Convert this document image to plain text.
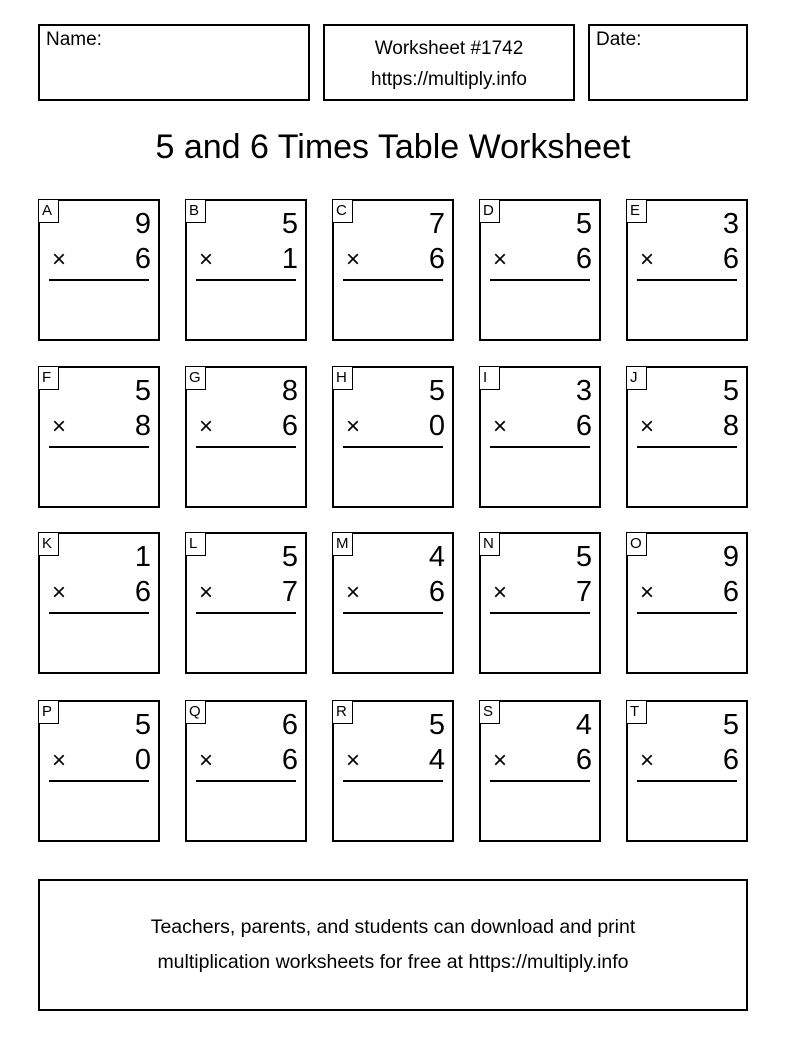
Name:	Worksheet #1742
https://multiply.info
Date:
5 and 6 Times Table Worksheet
A	9
× 6
B	5
× 1
C	7
× 6
D	5
× 6
E	3
× 6
F	5
× 8
G	8
× 6
H	5
× 0
I	3
× 6
J	5
× 8
K	1
× 6
L	5
× 7
M	4
× 6
N	5
× 7
O	9
× 6
P	5
× 0
Q	6
× 6
R	5
× 4
S	4
× 6
T	5
× 6
Teachers, parents, and students can download and print
multiplication worksheets for free at https://multiply.info
